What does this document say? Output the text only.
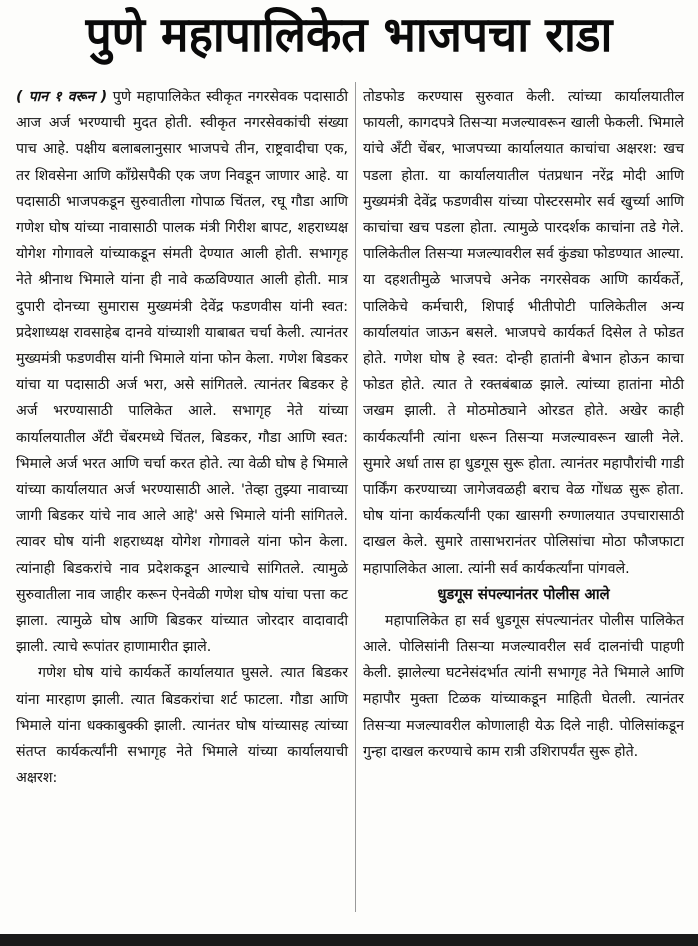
पुणे महापालिकेत भाजपचा राडा

( पान १ वरून ) पुणे महापालिकेत स्वीकृत नगरसेवक पदासाठी आज अर्ज भरण्याची मुदत होती. स्वीकृत नगरसेवकांची संख्या पाच आहे. पक्षीय बलाबलानुसार भाजपचे तीन, राष्ट्रवादीचा एक, तर शिवसेना आणि काँग्रेसपैकी एक जण निवडून जाणार आहे. या पदासाठी भाजपकडून सुरुवातीला गोपाळ चिंतल, रघू गौडा आणि गणेश घोष यांच्या नावासाठी पालक मंत्री गिरीश बापट, शहराध्यक्ष योगेश गोगावले यांच्याकडून संमती देण्यात आली होती. सभागृह नेते श्रीनाथ भिमाले यांना ही नावे कळविण्यात आली होती. मात्र दुपारी दोनच्या सुमारास मुख्यमंत्री देवेंद्र फडणवीस यांनी स्वत: प्रदेशाध्यक्ष रावसाहेब दानवे यांच्याशी याबाबत चर्चा केली. त्यानंतर मुख्यमंत्री फडणवीस यांनी भिमाले यांना फोन केला. गणेश बिडकर यांचा या पदासाठी अर्ज भरा, असे सांगितले. त्यानंतर बिडकर हे अर्ज भरण्यासाठी पालिकेत आले. सभागृह नेते यांच्या कार्यालयातील अँटी चेंबरमध्ये चिंतल, बिडकर, गौडा आणि स्वत: भिमाले अर्ज भरत आणि चर्चा करत होते. त्या वेळी घोष हे भिमाले यांच्या कार्यालयात अर्ज भरण्यासाठी आले. 'तेव्हा तुझ्या नावाच्या जागी बिडकर यांचे नाव आले आहे' असे भिमाले यांनी सांगितले. त्यावर घोष यांनी शहराध्यक्ष योगेश गोगावले यांना फोन केला. त्यांनाही बिडकरांचे नाव प्रदेशकडून आल्याचे सांगितले. त्यामुळे सुरुवातीला नाव जाहीर करून ऐनवेळी गणेश घोष यांचा पत्ता कट झाला. त्यामुळे घोष आणि बिडकर यांच्यात जोरदार वादावादी झाली. त्याचे रूपांतर हाणामारीत झाले.

गणेश घोष यांचे कार्यकर्ते कार्यालयात घुसले. त्यात बिडकर यांना मारहाण झाली. त्यात बिडकरांचा शर्ट फाटला. गौडा आणि भिमाले यांना धक्काबुक्की झाली. त्यानंतर घोष यांच्यासह त्यांच्या संतप्त कार्यकर्त्यांनी सभागृह नेते भिमाले यांच्या कार्यालयाची अक्षरश:

तोडफोड करण्यास सुरुवात केली. त्यांच्या कार्यालयातील फायली, कागदपत्रे तिसऱ्या मजल्यावरून खाली फेकली. भिमाले यांचे अँटी चेंबर, भाजपच्या कार्यालयात काचांचा अक्षरश: खच पडला होता. या कार्यालयातील पंतप्रधान नरेंद्र मोदी आणि मुख्यमंत्री देवेंद्र फडणवीस यांच्या पोस्टरसमोर सर्व खुर्च्या आणि काचांचा खच पडला होता. त्यामुळे पारदर्शक काचांना तडे गेले. पालिकेतील तिसऱ्या मजल्यावरील सर्व कुंड्या फोडण्यात आल्या. या दहशतीमुळे भाजपचे अनेक नगरसेवक आणि कार्यकर्ते, पालिकेचे कर्मचारी, शिपाई भीतीपोटी पालिकेतील अन्य कार्यालयांत जाऊन बसले. भाजपचे कार्यकर्त दिसेल ते फोडत होते. गणेश घोष हे स्वत: दोन्ही हातांनी बेभान होऊन काचा फोडत होते. त्यात ते रक्तबंबाळ झाले. त्यांच्या हातांना मोठी जखम झाली. ते मोठमोठ्याने ओरडत होते. अखेर काही कार्यकर्त्यांनी त्यांना धरून तिसऱ्या मजल्यावरून खाली नेले. सुमारे अर्धा तास हा धुडगूस सुरू होता. त्यानंतर महापौरांची गाडी पार्किंग करण्याच्या जागेजवळही बराच वेळ गोंधळ सुरू होता. घोष यांना कार्यकर्त्यांनी एका खासगी रुग्णालयात उपचारासाठी दाखल केले. सुमारे तासाभरानंतर पोलिसांचा मोठा फौजफाटा महापालिकेत आला. त्यांनी सर्व कार्यकर्त्यांना पांगवले.

धुडगूस संपल्यानंतर पोलीस आले

महापालिकेत हा सर्व धुडगूस संपल्यानंतर पोलीस पालिकेत आले. पोलिसांनी तिसऱ्या मजल्यावरील सर्व दालनांची पाहणी केली. झालेल्या घटनेसंदर्भात त्यांनी सभागृह नेते भिमाले आणि महापौर मुक्ता टिळक यांच्याकडून माहिती घेतली. त्यानंतर तिसऱ्या मजल्यावरील कोणालाही येऊ दिले नाही. पोलिसांकडून गुन्हा दाखल करण्याचे काम रात्री उशिरापर्यंत सुरू होते.
